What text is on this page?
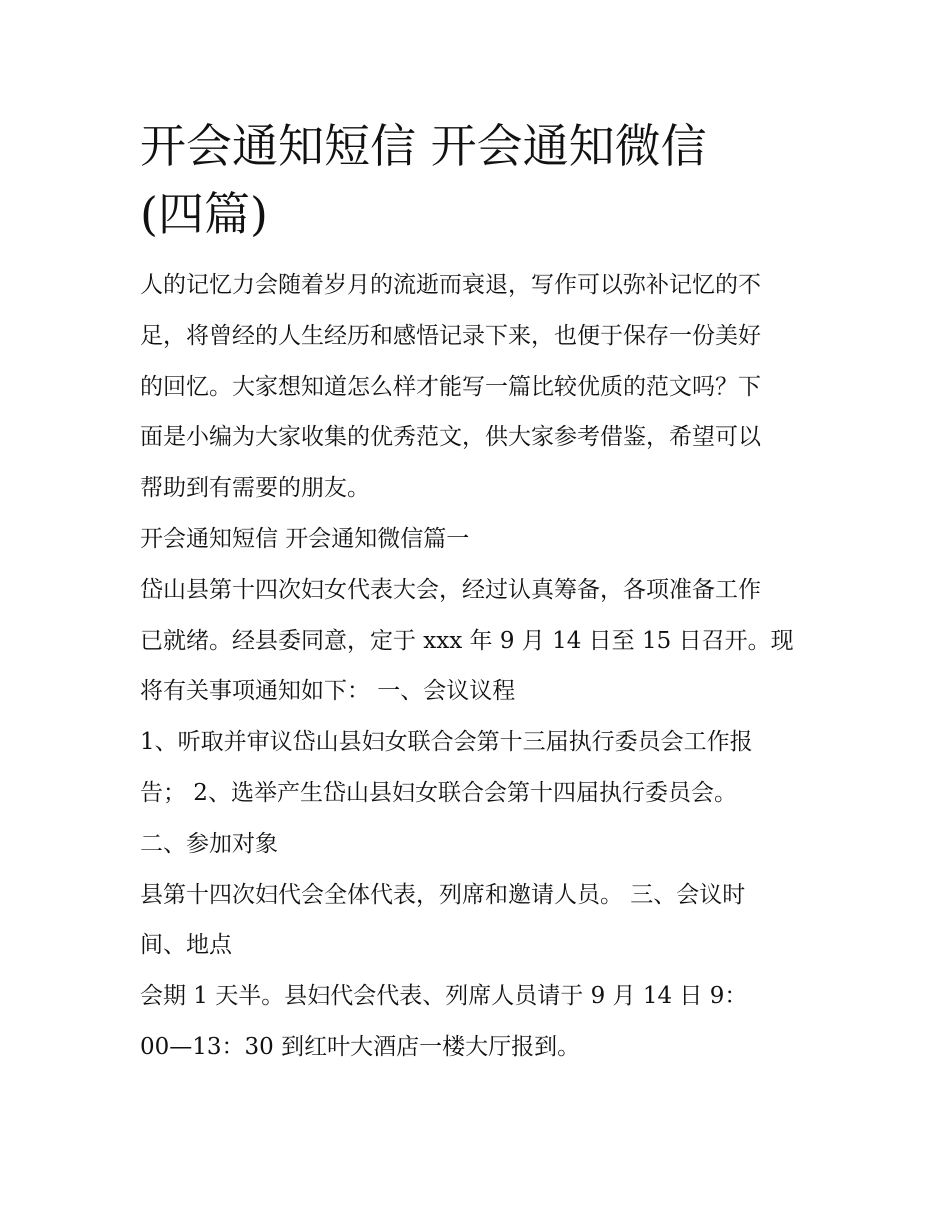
开会通知短信 开会通知微信
(四篇)
人的记忆力会随着岁月的流逝而衰退，写作可以弥补记忆的不
足，将曾经的人生经历和感悟记录下来，也便于保存一份美好
的回忆。大家想知道怎么样才能写一篇比较优质的范文吗？下
面是小编为大家收集的优秀范文，供大家参考借鉴，希望可以
帮助到有需要的朋友。
开会通知短信 开会通知微信篇一
岱山县第十四次妇女代表大会，经过认真筹备，各项准备工作
已就绪。经县委同意，定于 xxx 年 9 月 14 日至 15 日召开。现
将有关事项通知如下： 一、会议议程
1、听取并审议岱山县妇女联合会第十三届执行委员会工作报
告； 2、选举产生岱山县妇女联合会第十四届执行委员会。
二、参加对象
县第十四次妇代会全体代表，列席和邀请人员。 三、会议时
间、地点
会期 1 天半。县妇代会代表、列席人员请于 9 月 14 日 9：
00—13：30 到红叶大酒店一楼大厅报到。
